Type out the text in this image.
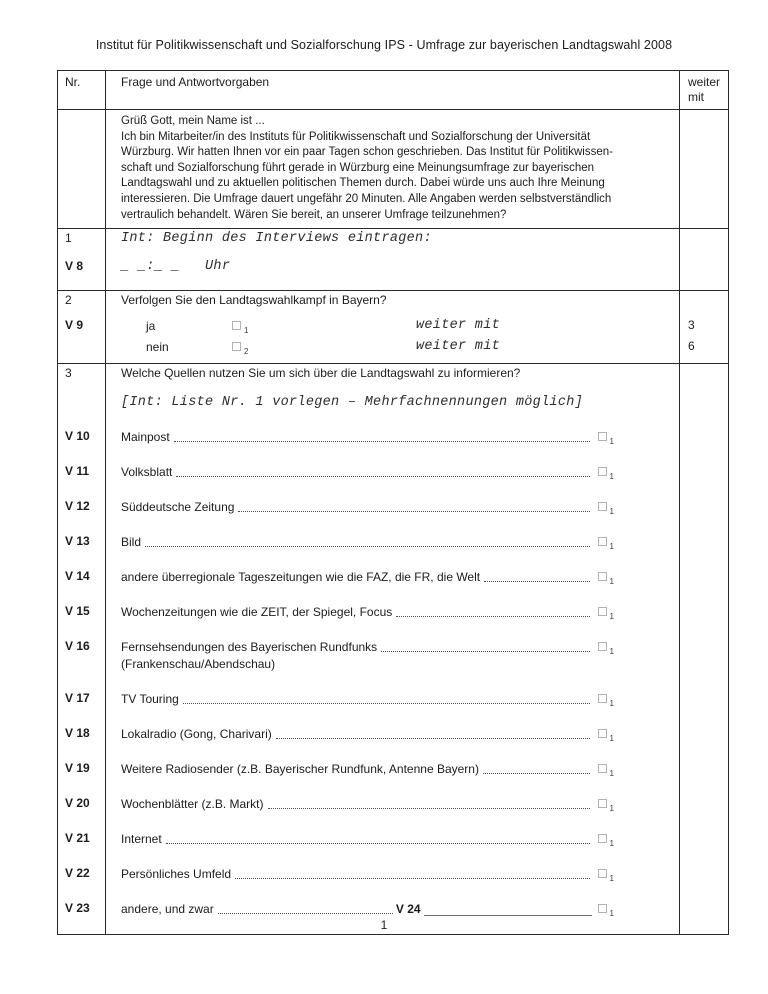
Institut für Politikwissenschaft und Sozialforschung IPS - Umfrage zur bayerischen Landtagswahl 2008
Nr.	Frage und Antwortvorgaben	weiter mit
Grüß Gott, mein Name ist ...
Ich bin Mitarbeiter/in des Instituts für Politikwissenschaft und Sozialforschung der Universität
Würzburg. Wir hatten Ihnen vor ein paar Tagen schon geschrieben. Das Institut für Politikwissen-
schaft und Sozialforschung führt gerade in Würzburg eine Meinungsumfrage zur bayerischen
Landtagswahl und zu aktuellen politischen Themen durch. Dabei würde uns auch Ihre Meinung
interessieren. Die Umfrage dauert ungefähr 20 Minuten. Alle Angaben werden selbstverständlich
vertraulich behandelt. Wären Sie bereit, an unserer Umfrage teilzunehmen?
1	Int: Beginn des Interviews eintragen:
V 8	_ _:_ _   Uhr
2	Verfolgen Sie den Landtagswahlkampf in Bayern?
V 9	ja	1	weiter mit	3
nein	2	weiter mit	6
3	Welche Quellen nutzen Sie um sich über die Landtagswahl zu informieren?
[Int: Liste Nr. 1 vorlegen – Mehrfachnennungen möglich]
V 10	Mainpost	1
V 11	Volksblatt	1
V 12	Süddeutsche Zeitung	1
V 13	Bild	1
V 14	andere überregionale Tageszeitungen wie die FAZ, die FR, die Welt	1
V 15	Wochenzeitungen wie die ZEIT, der Spiegel, Focus	1
V 16	Fernsehsendungen des Bayerischen Rundfunks	1
(Frankenschau/Abendschau)
V 17	TV Touring	1
V 18	Lokalradio (Gong, Charivari)	1
V 19	Weitere Radiosender (z.B. Bayerischer Rundfunk, Antenne Bayern)	1
V 20	Wochenblätter (z.B. Markt)	1
V 21	Internet	1
V 22	Persönliches Umfeld	1
V 23	andere, und zwar	V 24	1
1
